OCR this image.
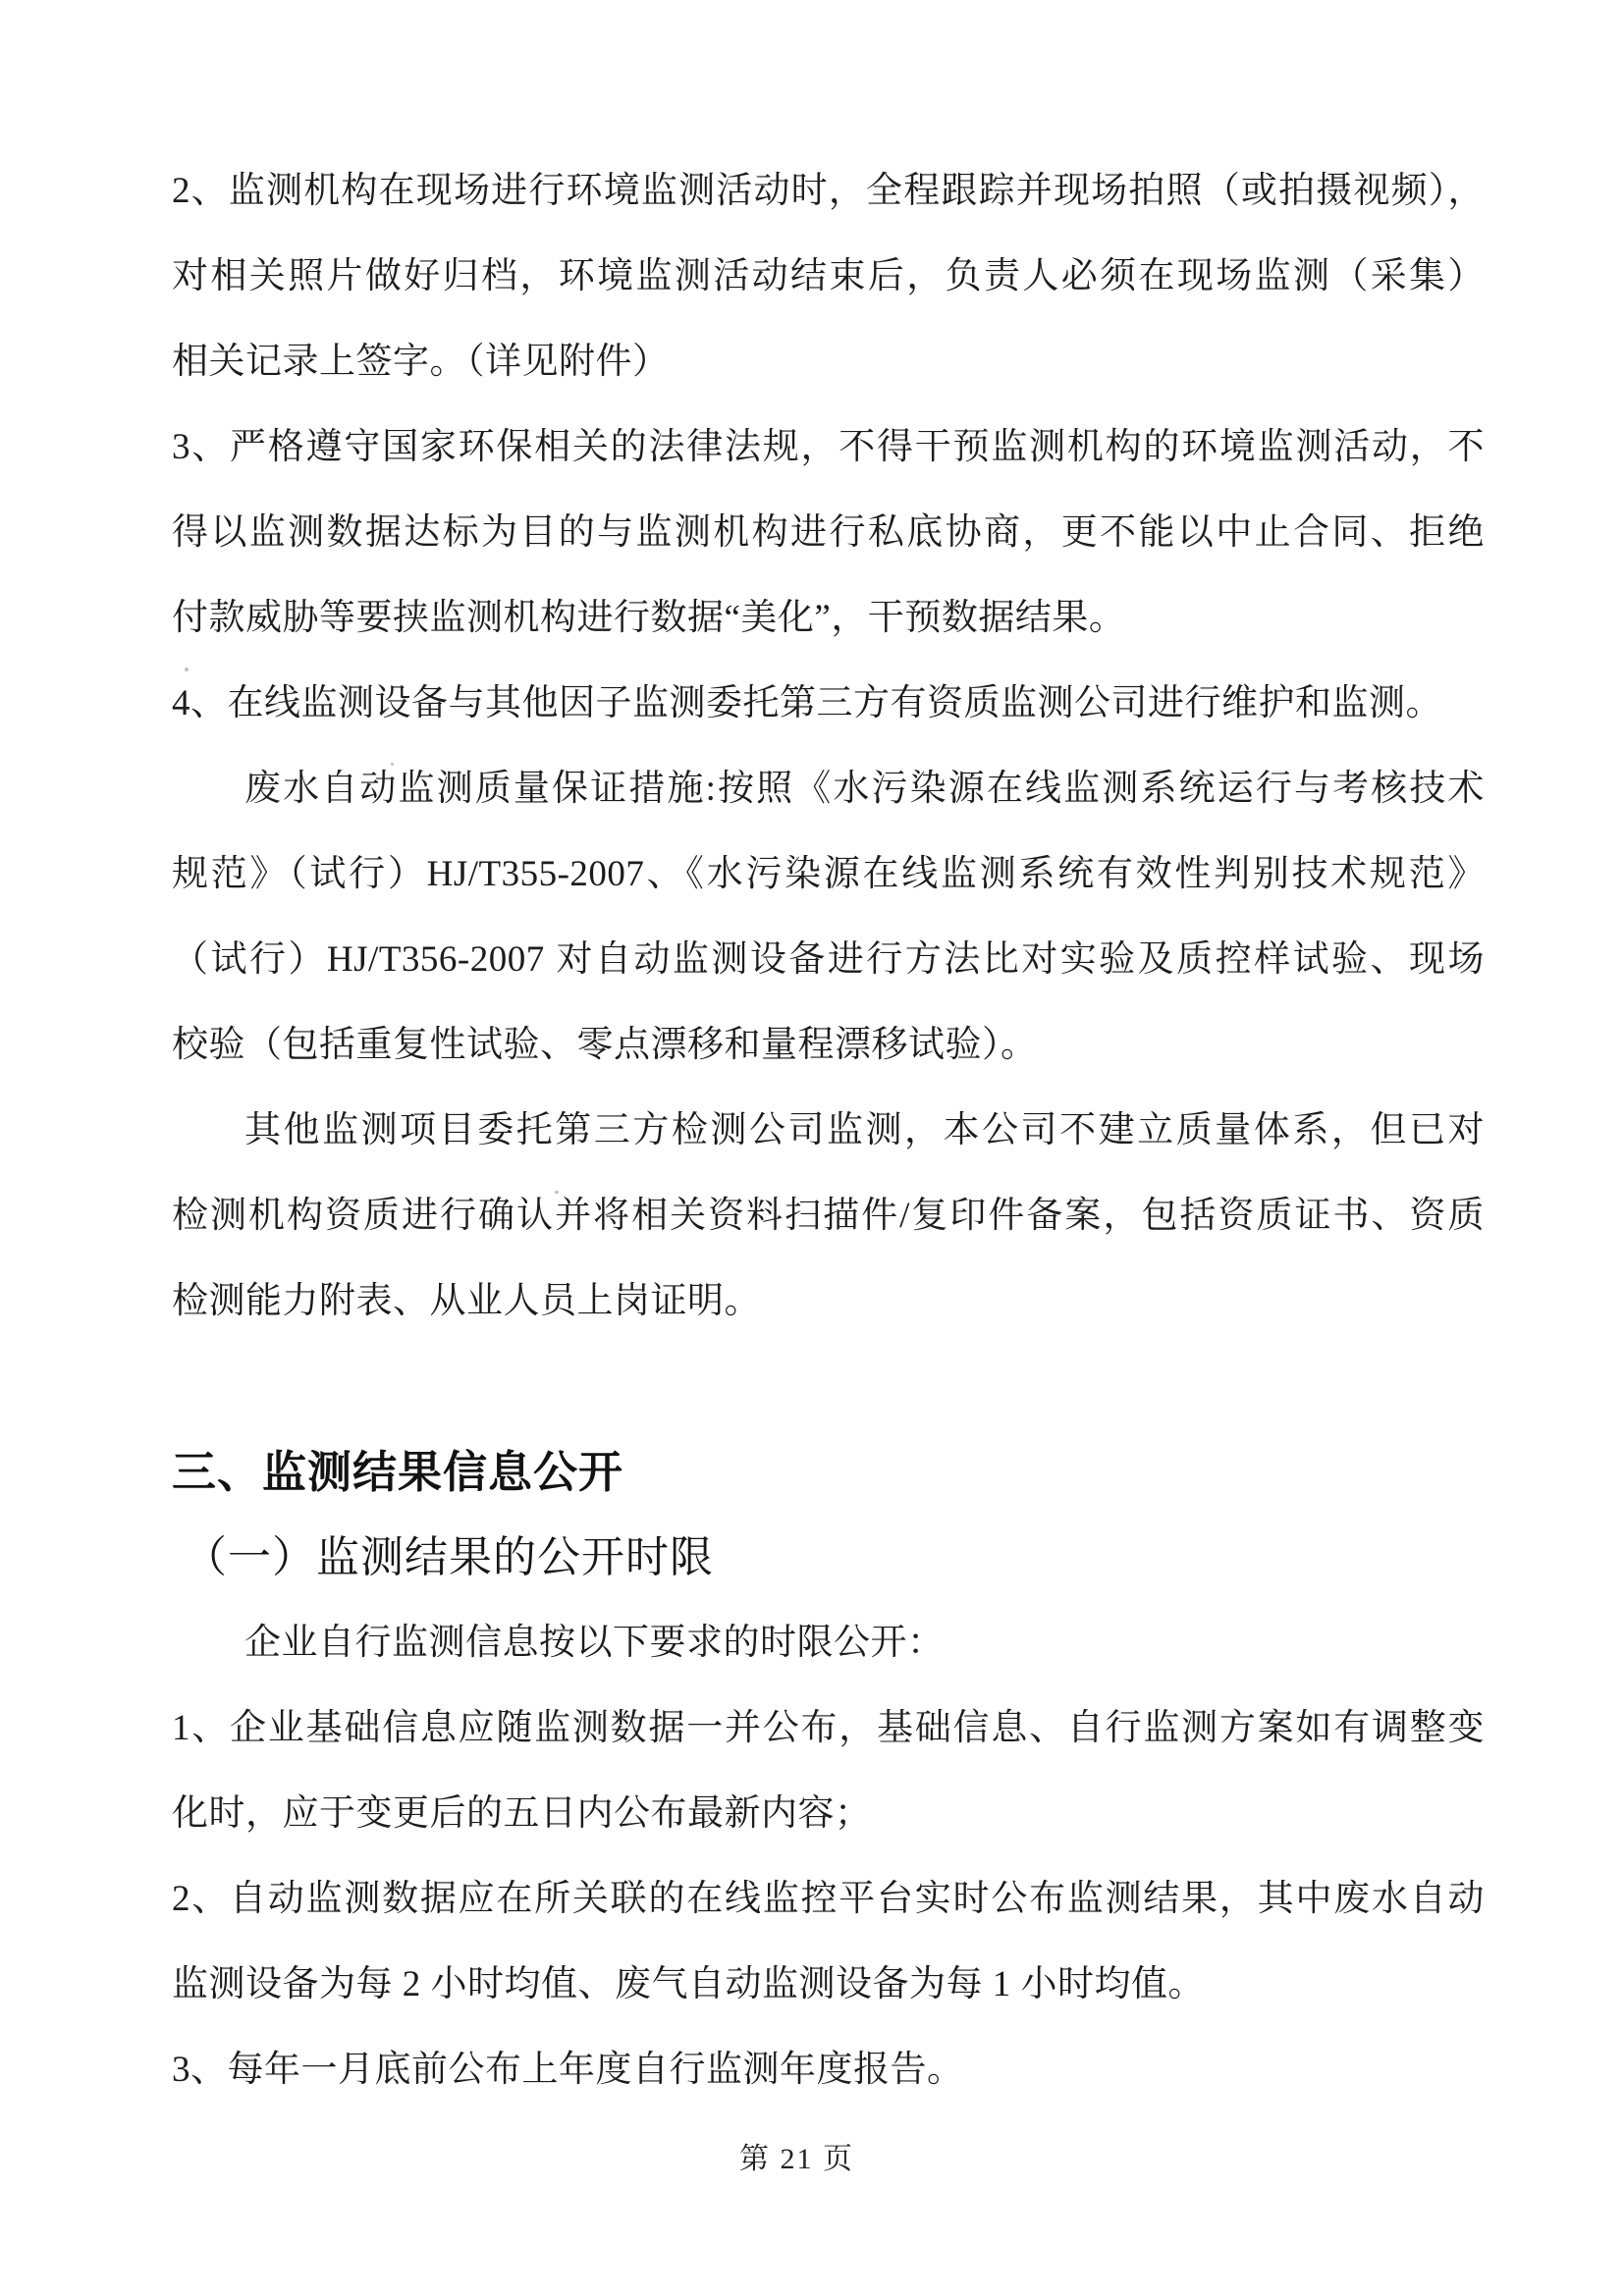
2、监测机构在现场进行环境监测活动时，全程跟踪并现场拍照（或拍摄视频），
对相关照片做好归档，环境监测活动结束后，负责人必须在现场监测（采集）
相关记录上签字。（详见附件）
3、严格遵守国家环保相关的法律法规，不得干预监测机构的环境监测活动，不
得以监测数据达标为目的与监测机构进行私底协商，更不能以中止合同、拒绝
付款威胁等要挟监测机构进行数据“美化”，干预数据结果。
4、在线监测设备与其他因子监测委托第三方有资质监测公司进行维护和监测。
废水自动监测质量保证措施:按照《水污染源在线监测系统运行与考核技术
规范》（试行）HJ/T355-2007、《水污染源在线监测系统有效性判别技术规范》
（试行）HJ/T356-2007 对自动监测设备进行方法比对实验及质控样试验、现场
校验（包括重复性试验、零点漂移和量程漂移试验）。
其他监测项目委托第三方检测公司监测，本公司不建立质量体系，但已对
检测机构资质进行确认并将相关资料扫描件/复印件备案，包括资质证书、资质
检测能力附表、从业人员上岗证明。
三、监测结果信息公开
（一）监测结果的公开时限
企业自行监测信息按以下要求的时限公开：
1、企业基础信息应随监测数据一并公布，基础信息、自行监测方案如有调整变
化时，应于变更后的五日内公布最新内容；
2、自动监测数据应在所关联的在线监控平台实时公布监测结果，其中废水自动
监测设备为每 2 小时均值、废气自动监测设备为每 1 小时均值。
3、每年一月底前公布上年度自行监测年度报告。
第 21 页
